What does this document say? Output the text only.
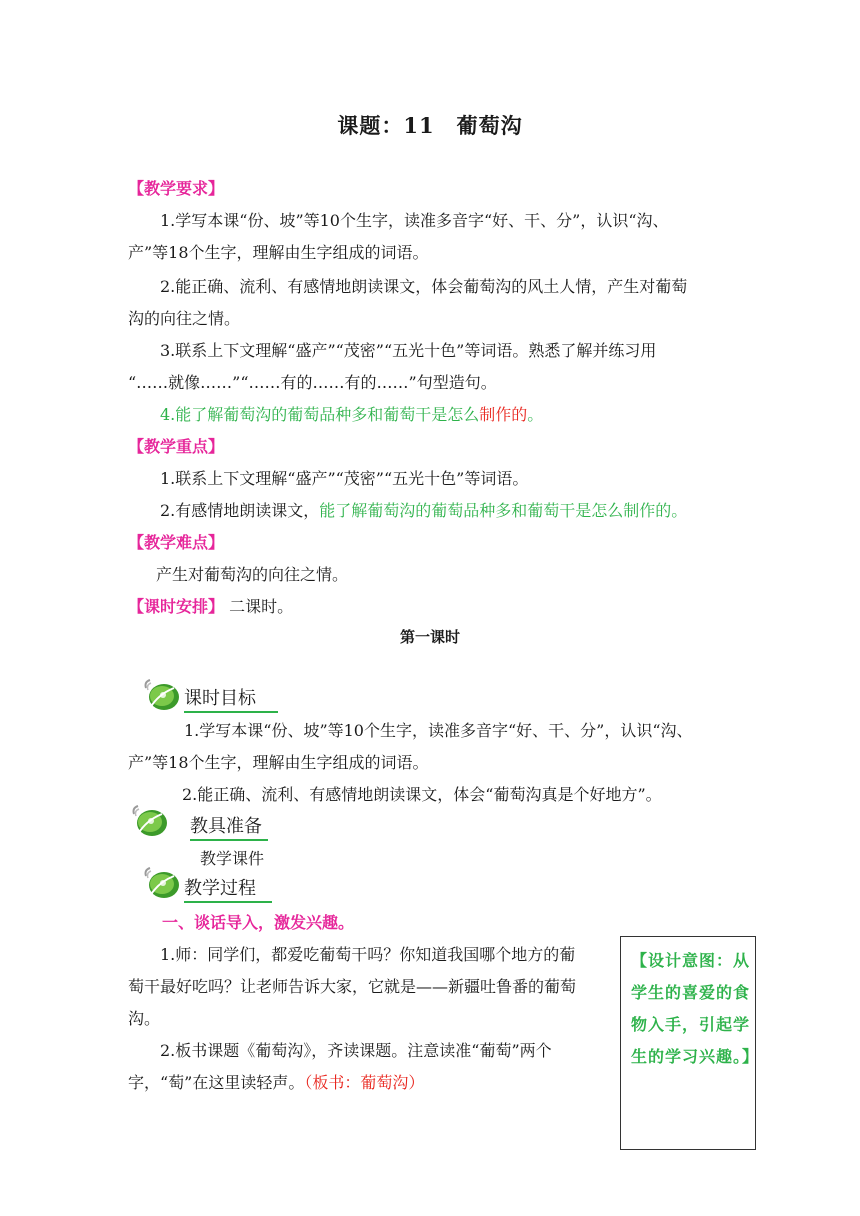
课题：11　葡萄沟
【教学要求】
1.学写本课“份、坡”等10个生字，读准多音字“好、干、分”，认识“沟、
产”等18个生字，理解由生字组成的词语。
2.能正确、流利、有感情地朗读课文，体会葡萄沟的风土人情，产生对葡萄
沟的向往之情。
3.联系上下文理解“盛产”“茂密”“五光十色”等词语。熟悉了解并练习用
“……就像……”“……有的……有的……”句型造句。
4.能了解葡萄沟的葡萄品种多和葡萄干是怎么制作的。
【教学重点】
1.联系上下文理解“盛产”“茂密”“五光十色”等词语。
2.有感情地朗读课文，能了解葡萄沟的葡萄品种多和葡萄干是怎么制作的。
【教学难点】
产生对葡萄沟的向往之情。
【课时安排】 二课时。
第一课时
课时目标
1.学写本课“份、坡”等10个生字，读准多音字“好、干、分”，认识“沟、
产”等18个生字，理解由生字组成的词语。
2.能正确、流利、有感情地朗读课文，体会“葡萄沟真是个好地方”。
教具准备
教学课件
教学过程
一、谈话导入，激发兴趣。
1.师：同学们，都爱吃葡萄干吗？你知道我国哪个地方的葡
萄干最好吃吗？让老师告诉大家，它就是——新疆吐鲁番的葡萄
沟。
2.板书课题《葡萄沟》，齐读课题。注意读准“葡萄”两个
字，“萄”在这里读轻声。（板书：葡萄沟）
【设计意图：从学生的喜爱的食物入手，引起学生的学习兴趣。】
